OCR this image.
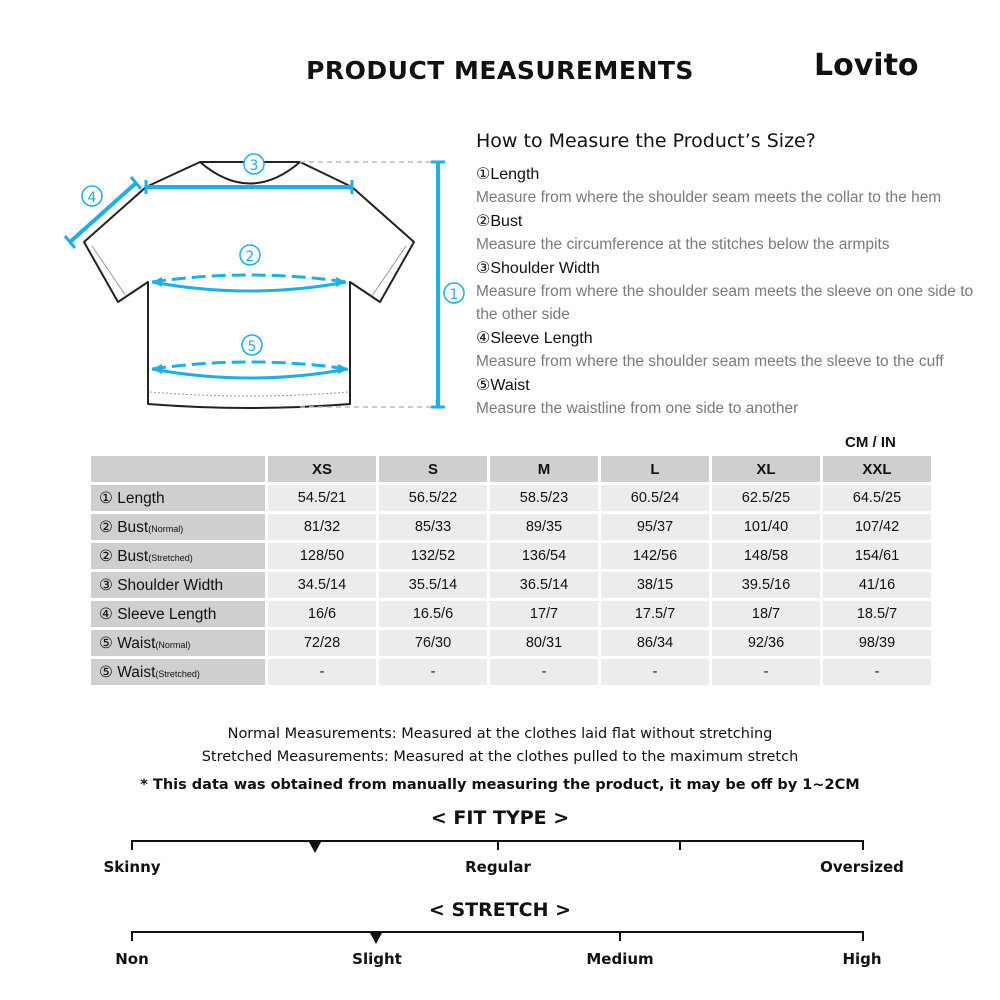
PRODUCT MEASUREMENTS	Lovito
3
4
2
1
5
How to Measure the Product’s Size?
①Length
Measure from where the shoulder seam meets the collar to the hem
②Bust
Measure the circumference at the stitches below the armpits
③Shoulder Width
Measure from where the shoulder seam meets the sleeve on one side to the other side
④Sleeve Length
Measure from where the shoulder seam meets the sleeve to the cuff
⑤Waist
Measure the waistline from one side to another
CM / IN
	XS	S	M	L	XL	XXL
① Length	54.5/21	56.5/22	58.5/23	60.5/24	62.5/25	64.5/25
② Bust(Normal)	81/32	85/33	89/35	95/37	101/40	107/42
② Bust(Stretched)	128/50	132/52	136/54	142/56	148/58	154/61
③ Shoulder Width	34.5/14	35.5/14	36.5/14	38/15	39.5/16	41/16
④ Sleeve Length	16/6	16.5/6	17/7	17.5/7	18/7	18.5/7
⑤ Waist(Normal)	72/28	76/30	80/31	86/34	92/36	98/39
⑤ Waist(Stretched)	-	-	-	-	-	-
Normal Measurements: Measured at the clothes laid flat without stretching
Stretched Measurements: Measured at the clothes pulled to the maximum stretch
* This data was obtained from manually measuring the product, it may be off by 1~2CM
< FIT TYPE >
Skinny	Regular	Oversized
< STRETCH >
Non	Slight	Medium	High
